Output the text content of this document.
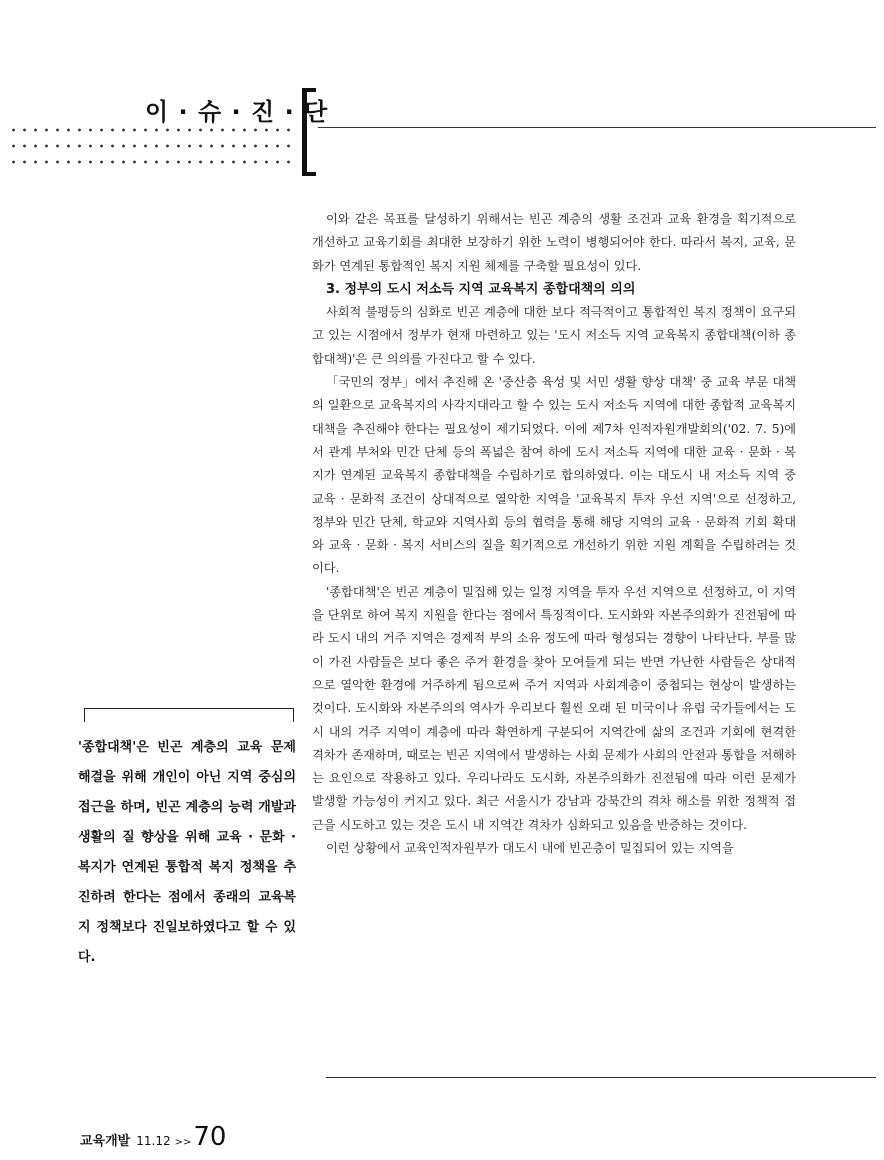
이 · 슈 · 진 · 단

이와 같은 목표를 달성하기 위해서는 빈곤 계층의 생활 조건과 교육 환경을 획기적으로 개선하고 교육기회를 최대한 보장하기 위한 노력이 병행되어야 한다. 따라서 복지, 교육, 문화가 연계된 통합적인 복지 지원 체제를 구축할 필요성이 있다.

3. 정부의 도시 저소득 지역 교육복지 종합대책의 의의

사회적 불평등의 심화로 빈곤 계층에 대한 보다 적극적이고 통합적인 복지 정책이 요구되고 있는 시점에서 정부가 현재 마련하고 있는 '도시 저소득 지역 교육복지 종합대책(이하 종합대책)'은 큰 의의를 가진다고 할 수 있다.

「국민의 정부」에서 추진해 온 '중산층 육성 및 서민 생활 향상 대책' 중 교육 부문 대책의 일환으로 교육복지의 사각지대라고 할 수 있는 도시 저소득 지역에 대한 종합적 교육복지 대책을 추진해야 한다는 필요성이 제기되었다. 이에 제7차 인적자원개발회의('02. 7. 5)에서 관계 부처와 민간 단체 등의 폭넓은 참여 하에 도시 저소득 지역에 대한 교육 · 문화 · 복지가 연계된 교육복지 종합대책을 수립하기로 합의하였다. 이는 대도시 내 저소득 지역 중 교육 · 문화적 조건이 상대적으로 열악한 지역을 '교육복지 투자 우선 지역'으로 선정하고, 정부와 민간 단체, 학교와 지역사회 등의 협력을 통해 해당 지역의 교육 · 문화적 기회 확대와 교육 · 문화 · 복지 서비스의 질을 획기적으로 개선하기 위한 지원 계획을 수립하려는 것이다.

'종합대책'은 빈곤 계층이 밀집해 있는 일정 지역을 투자 우선 지역으로 선정하고, 이 지역을 단위로 하여 복지 지원을 한다는 점에서 특징적이다. 도시화와 자본주의화가 진전됨에 따라 도시 내의 거주 지역은 경제적 부의 소유 정도에 따라 형성되는 경향이 나타난다. 부를 많이 가진 사람들은 보다 좋은 주거 환경을 찾아 모여들게 되는 반면 가난한 사람들은 상대적으로 열악한 환경에 거주하게 됨으로써 주거 지역과 사회계층이 중첩되는 현상이 발생하는 것이다. 도시화와 자본주의의 역사가 우리보다 훨씬 오래 된 미국이나 유럽 국가들에서는 도시 내의 거주 지역이 계층에 따라 확연하게 구분되어 지역간에 삶의 조건과 기회에 현격한 격차가 존재하며, 때로는 빈곤 지역에서 발생하는 사회 문제가 사회의 안전과 통합을 저해하는 요인으로 작용하고 있다. 우리나라도 도시화, 자본주의화가 진전됨에 따라 이런 문제가 발생할 가능성이 커지고 있다. 최근 서울시가 강남과 강북간의 격차 해소를 위한 정책적 접근을 시도하고 있는 것은 도시 내 지역간 격차가 심화되고 있음을 반증하는 것이다.

이런 상황에서 교육인적자원부가 대도시 내에 빈곤층이 밀집되어 있는 지역을

'종합대책'은 빈곤 계층의 교육 문제 해결을 위해 개인이 아닌 지역 중심의 접근을 하며, 빈곤 계층의 능력 개발과 생활의 질 향상을 위해 교육 · 문화 · 복지가 연계된 통합적 복지 정책을 추진하려 한다는 점에서 종래의 교육복지 정책보다 진일보하였다고 할 수 있다.
교육개발 11.12 >> 70
